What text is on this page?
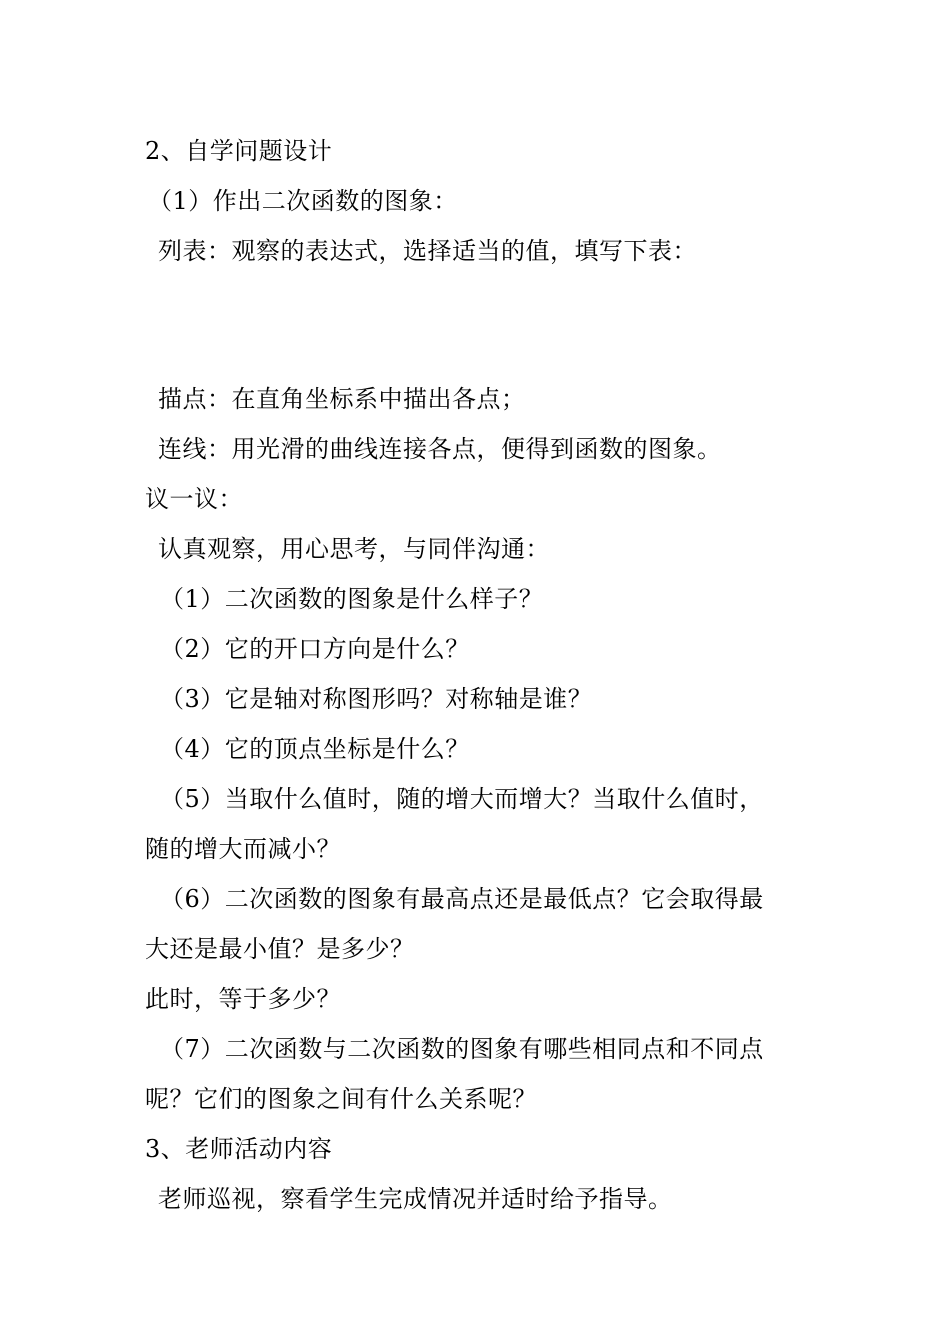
2、自学问题设计
（1）作出二次函数的图象：
列表：观察的表达式，选择适当的值，填写下表：
描点：在直角坐标系中描出各点；
连线：用光滑的曲线连接各点，便得到函数的图象。
议一议：
认真观察，用心思考，与同伴沟通：
（1）二次函数的图象是什么样子？
（2）它的开口方向是什么？
（3）它是轴对称图形吗？对称轴是谁？
（4）它的顶点坐标是什么？
（5）当取什么值时，随的增大而增大？当取什么值时，
随的增大而减小？
（6）二次函数的图象有最高点还是最低点？它会取得最
大还是最小值？是多少？
此时，等于多少？
（7）二次函数与二次函数的图象有哪些相同点和不同点
呢？它们的图象之间有什么关系呢？
3、老师活动内容
老师巡视，察看学生完成情况并适时给予指导。
